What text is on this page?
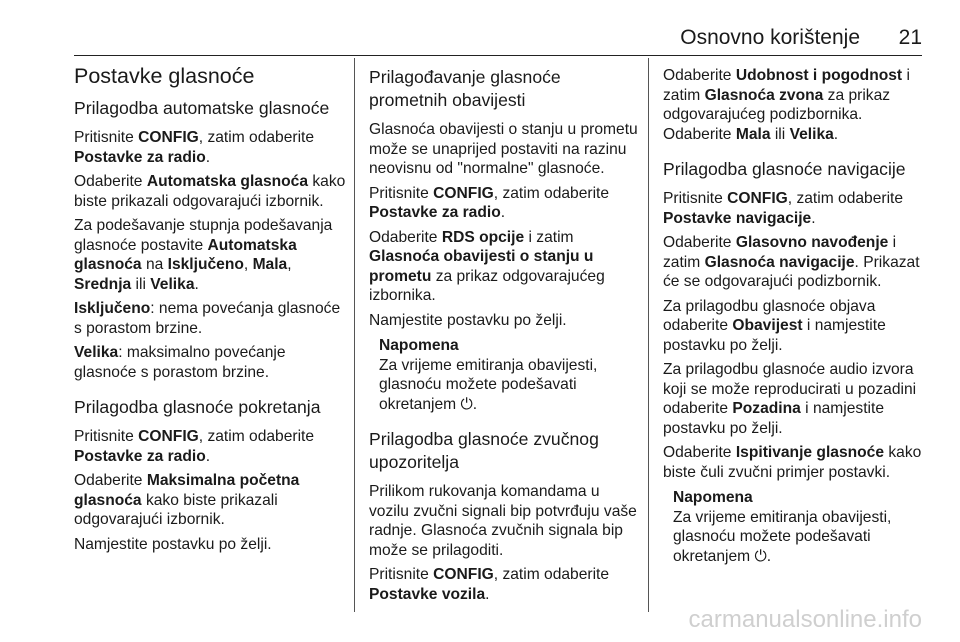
Osnovno korištenje 21
Postavke glasnoće
Prilagodba automatske glasnoće

Pritisnite CONFIG, zatim odaberite Postavke za radio.

Odaberite Automatska glasnoća kako biste prikazali odgovarajući izbornik.

Za podešavanje stupnja podešavanja glasnoće postavite Automatska glasnoća na Isključeno, Mala, Srednja ili Velika.

Isključeno: nema povećanja glasnoće s porastom brzine.

Velika: maksimalno povećanje glasnoće s porastom brzine.

Prilagodba glasnoće pokretanja

Pritisnite CONFIG, zatim odaberite Postavke za radio.

Odaberite Maksimalna početna glasnoća kako biste prikazali odgovarajući izbornik.

Namjestite postavku po želji.

Prilagođavanje glasnoće prometnih obavijesti

Glasnoća obavijesti o stanju u prometu može se unaprijed postaviti na razinu neovisnu od "normalne" glasnoće.

Pritisnite CONFIG, zatim odaberite Postavke za radio.

Odaberite RDS opcije i zatim Glasnoća obavijesti o stanju u prometu za prikaz odgovarajućeg izbornika.

Namjestite postavku po želji.

Napomena
Za vrijeme emitiranja obavijesti, glasnoću možete podešavati okretanjem ⏻.
Prilagodba glasnoće zvučnog upozoritelja

Prilikom rukovanja komandama u vozilu zvučni signali bip potvrđuju vaše radnje. Glasnoća zvučnih signala bip može se prilagoditi.

Pritisnite CONFIG, zatim odaberite Postavke vozila.

Odaberite Udobnost i pogodnost i zatim Glasnoća zvona za prikaz odgovarajućeg podizbornika. Odaberite Mala ili Velika.

Prilagodba glasnoće navigacije

Pritisnite CONFIG, zatim odaberite Postavke navigacije.

Odaberite Glasovno navođenje i zatim Glasnoća navigacije. Prikazat će se odgovarajući podizbornik.

Za prilagodbu glasnoće objava odaberite Obavijest i namjestite postavku po želji.

Za prilagodbu glasnoće audio izvora koji se može reproducirati u pozadini odaberite Pozadina i namjestite postavku po želji.

Odaberite Ispitivanje glasnoće kako biste čuli zvučni primjer postavki.

Napomena
Za vrijeme emitiranja obavijesti, glasnoću možete podešavati okretanjem ⏻.
carmanualsonline.info
